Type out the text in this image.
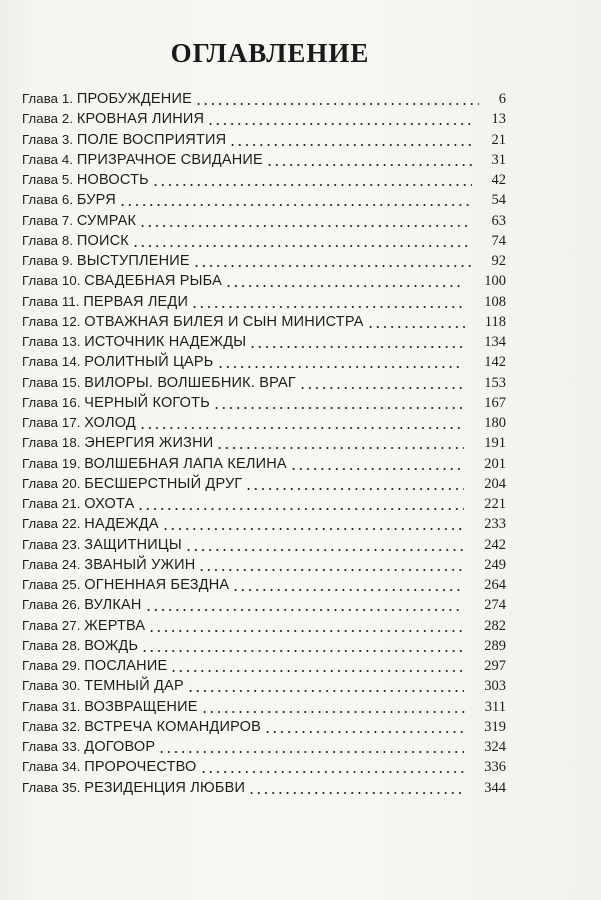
ОГЛАВЛЕНИЕ
Глава 1. ПРОБУЖДЕНИЕ	6
Глава 2. КРОВНАЯ ЛИНИЯ	13
Глава 3. ПОЛЕ ВОСПРИЯТИЯ	21
Глава 4. ПРИЗРАЧНОЕ СВИДАНИЕ	31
Глава 5. НОВОСТЬ	42
Глава 6. БУРЯ	54
Глава 7. СУМРАК	63
Глава 8. ПОИСК	74
Глава 9. ВЫСТУПЛЕНИЕ	92
Глава 10. СВАДЕБНАЯ РЫБА	100
Глава 11. ПЕРВАЯ ЛЕДИ	108
Глава 12. ОТВАЖНАЯ БИЛЕЯ И СЫН МИНИСТРА	118
Глава 13. ИСТОЧНИК НАДЕЖДЫ	134
Глава 14. РОЛИТНЫЙ ЦАРЬ	142
Глава 15. ВИЛОРЫ. ВОЛШЕБНИК. ВРАГ	153
Глава 16. ЧЕРНЫЙ КОГОТЬ	167
Глава 17. ХОЛОД	180
Глава 18. ЭНЕРГИЯ ЖИЗНИ	191
Глава 19. ВОЛШЕБНАЯ ЛАПА КЕЛИНА	201
Глава 20. БЕСШЕРСТНЫЙ ДРУГ	204
Глава 21. ОХОТА	221
Глава 22. НАДЕЖДА	233
Глава 23. ЗАЩИТНИЦЫ	242
Глава 24. ЗВАНЫЙ УЖИН	249
Глава 25. ОГНЕННАЯ БЕЗДНА	264
Глава 26. ВУЛКАН	274
Глава 27. ЖЕРТВА	282
Глава 28. ВОЖДЬ	289
Глава 29. ПОСЛАНИЕ	297
Глава 30. ТЕМНЫЙ ДАР	303
Глава 31. ВОЗВРАЩЕНИЕ	311
Глава 32. ВСТРЕЧА КОМАНДИРОВ	319
Глава 33. ДОГОВОР	324
Глава 34. ПРОРОЧЕСТВО	336
Глава 35. РЕЗИДЕНЦИЯ ЛЮБВИ	344
